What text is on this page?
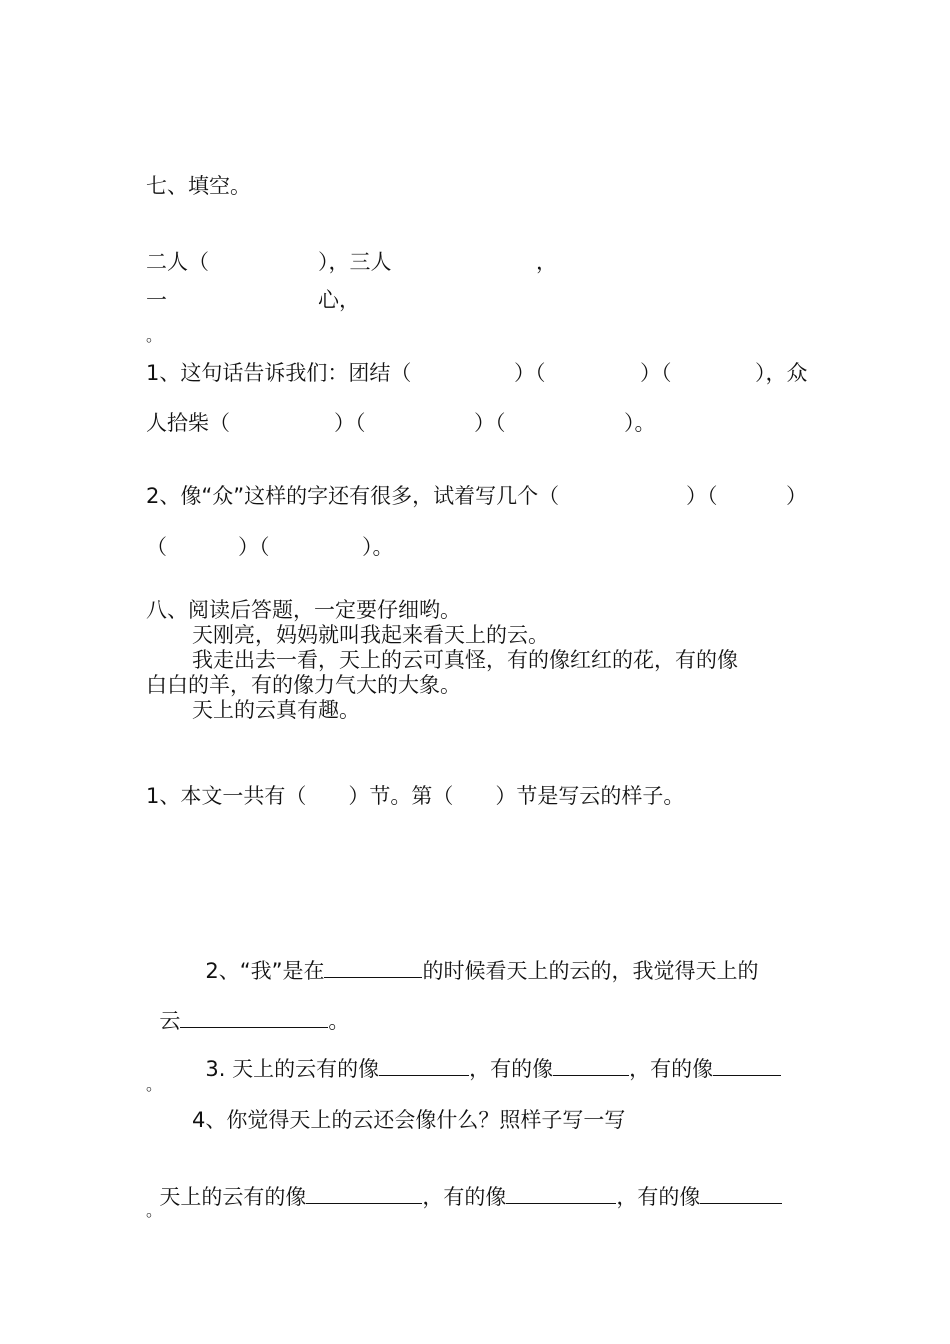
七、填空。
二人（	），三人	，
一	心，
。
1、这句话告诉我们：团结（	）（	）（	），众
人拾柴（	）（	）（	）。
2、像“众”这样的字还有很多，试着写几个（	）（	）
（	）（	）。
八、阅读后答题，一定要仔细哟。
天刚亮，妈妈就叫我起来看天上的云。
我走出去一看，天上的云可真怪，有的像红红的花，有的像
白白的羊，有的像力气大的大象。
天上的云真有趣。
1、本文一共有（　　）节。第（　　）节是写云的样子。

2、“我”是在	的时候看天上的云的，我觉得天上的

云	。

3. 天上的云有的像	，有的像	，有的像

。
4、你觉得天上的云还会像什么？照样子写一写

天上的云有的像	，有的像	，有的像

。
